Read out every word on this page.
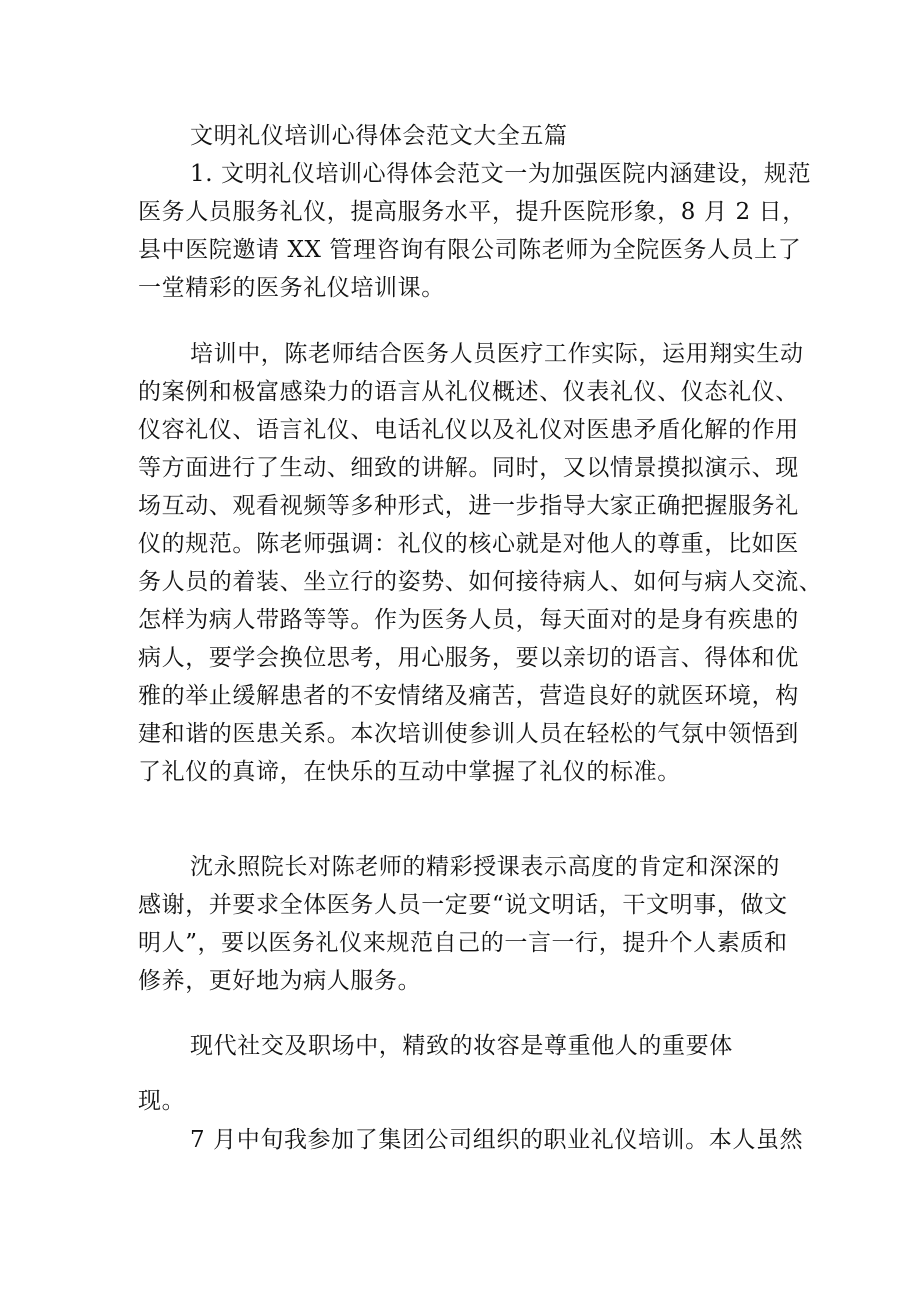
文明礼仪培训心得体会范文大全五篇
1. 文明礼仪培训心得体会范文一为加强医院内涵建设，规范
医务人员服务礼仪，提高服务水平，提升医院形象，8 月 2 日，
县中医院邀请 XX 管理咨询有限公司陈老师为全院医务人员上了
一堂精彩的医务礼仪培训课。
培训中，陈老师结合医务人员医疗工作实际，运用翔实生动
的案例和极富感染力的语言从礼仪概述、仪表礼仪、仪态礼仪、
仪容礼仪、语言礼仪、电话礼仪以及礼仪对医患矛盾化解的作用
等方面进行了生动、细致的讲解。同时，又以情景摸拟演示、现
场互动、观看视频等多种形式，进一步指导大家正确把握服务礼
仪的规范。陈老师强调：礼仪的核心就是对他人的尊重，比如医
务人员的着装、坐立行的姿势、如何接待病人、如何与病人交流、
怎样为病人带路等等。作为医务人员，每天面对的是身有疾患的
病人，要学会换位思考，用心服务，要以亲切的语言、得体和优
雅的举止缓解患者的不安情绪及痛苦，营造良好的就医环境，构
建和谐的医患关系。本次培训使参训人员在轻松的气氛中领悟到
了礼仪的真谛，在快乐的互动中掌握了礼仪的标准。
沈永照院长对陈老师的精彩授课表示高度的肯定和深深的
感谢，并要求全体医务人员一定要“说文明话，干文明事，做文
明人”，要以医务礼仪来规范自己的一言一行，提升个人素质和
修养，更好地为病人服务。
现代社交及职场中，精致的妆容是尊重他人的重要体
现。
7 月中旬我参加了集团公司组织的职业礼仪培训。本人虽然
